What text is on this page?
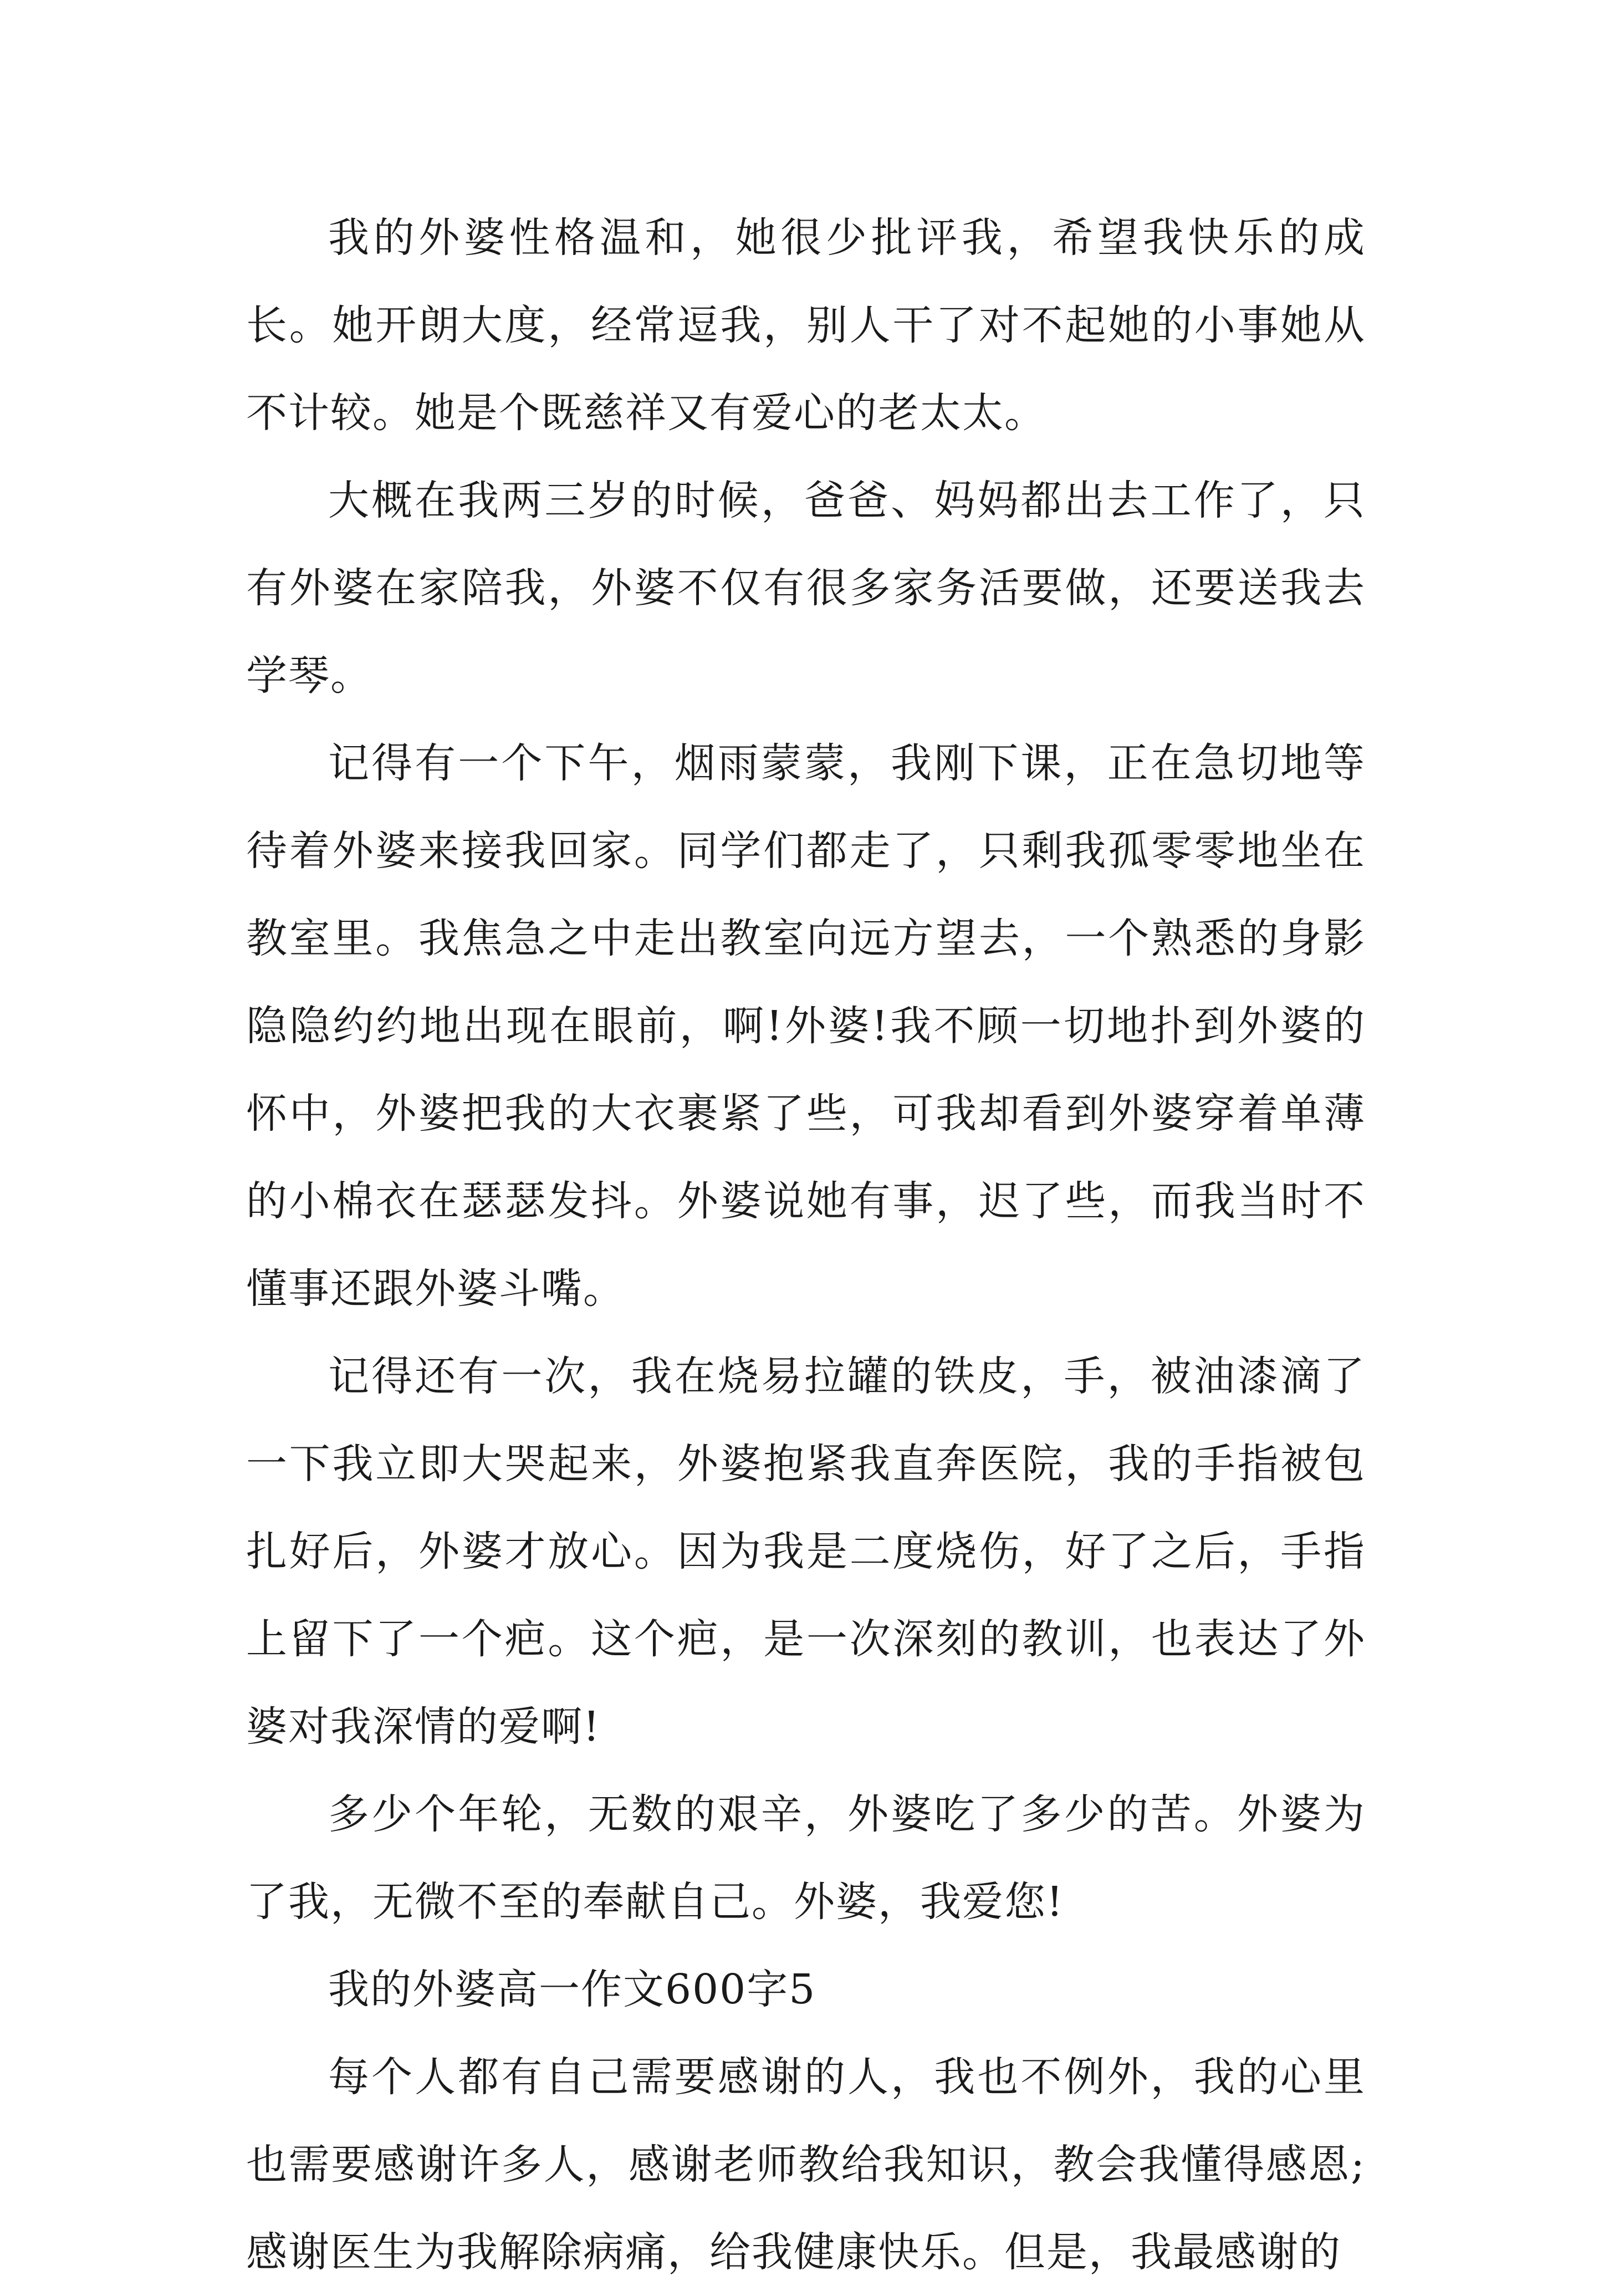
我的外婆性格温和，她很少批评我，希望我快乐的成长。她开朗大度，经常逗我，别人干了对不起她的小事她从不计较。她是个既慈祥又有爱心的老太太。

大概在我两三岁的时候，爸爸、妈妈都出去工作了，只有外婆在家陪我，外婆不仅有很多家务活要做，还要送我去学琴。

记得有一个下午，烟雨蒙蒙，我刚下课，正在急切地等待着外婆来接我回家。同学们都走了，只剩我孤零零地坐在教室里。我焦急之中走出教室向远方望去，一个熟悉的身影隐隐约约地出现在眼前，啊!外婆!我不顾一切地扑到外婆的怀中，外婆把我的大衣裹紧了些，可我却看到外婆穿着单薄的小棉衣在瑟瑟发抖。外婆说她有事，迟了些，而我当时不懂事还跟外婆斗嘴。

记得还有一次，我在烧易拉罐的铁皮，手，被油漆滴了一下我立即大哭起来，外婆抱紧我直奔医院，我的手指被包扎好后，外婆才放心。因为我是二度烧伤，好了之后，手指上留下了一个疤。这个疤，是一次深刻的教训，也表达了外婆对我深情的爱啊!

多少个年轮，无数的艰辛，外婆吃了多少的苦。外婆为了我，无微不至的奉献自己。外婆，我爱您!

我的外婆高一作文600字5

每个人都有自己需要感谢的人，我也不例外，我的心里也需要感谢许多人，感谢老师教给我知识，教会我懂得感恩;感谢医生为我解除病痛，给我健康快乐。但是，我最感谢的
